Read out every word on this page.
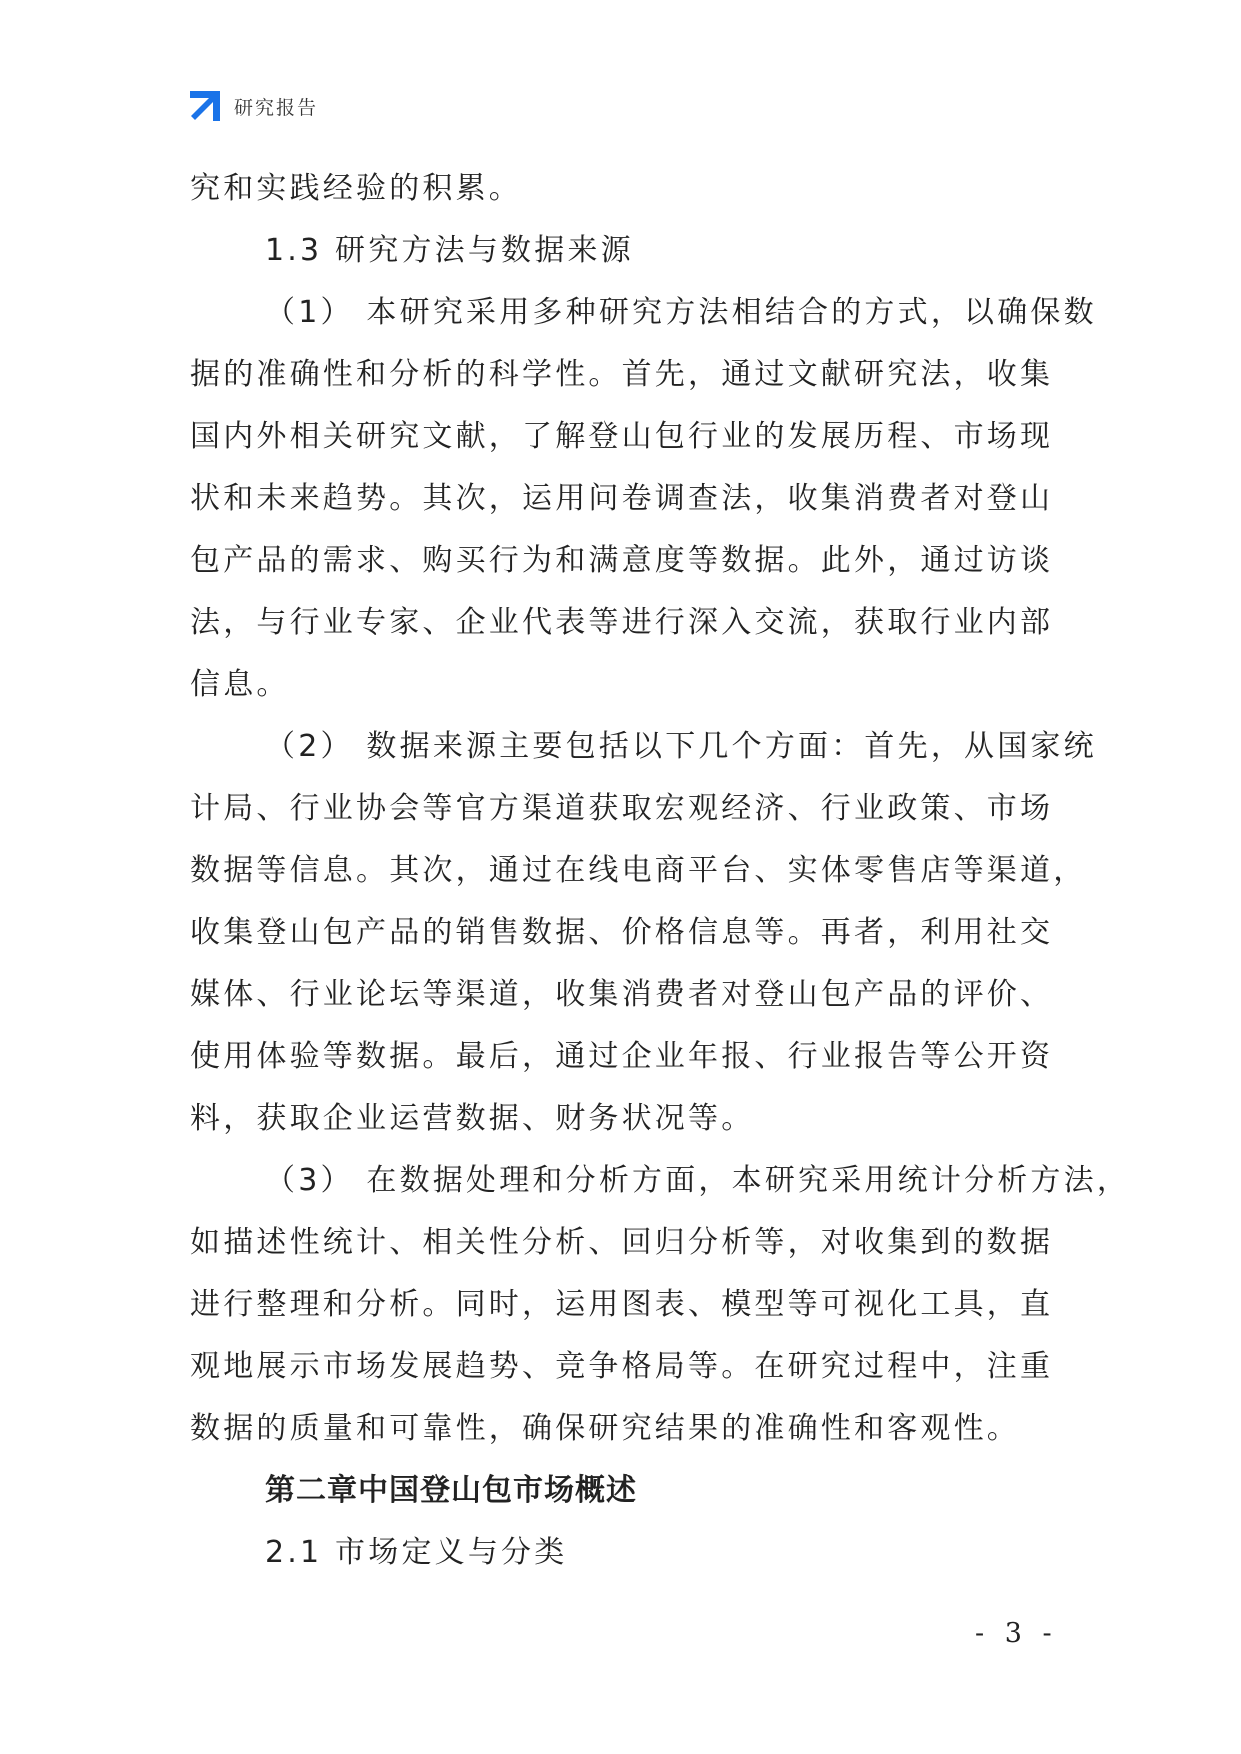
研究报告
究和实践经验的积累。
1.3 研究方法与数据来源
（1） 本研究采用多种研究方法相结合的方式，以确保数
据的准确性和分析的科学性。首先，通过文献研究法，收集
国内外相关研究文献，了解登山包行业的发展历程、市场现
状和未来趋势。其次，运用问卷调查法，收集消费者对登山
包产品的需求、购买行为和满意度等数据。此外，通过访谈
法，与行业专家、企业代表等进行深入交流，获取行业内部
信息。
（2） 数据来源主要包括以下几个方面：首先，从国家统
计局、行业协会等官方渠道获取宏观经济、行业政策、市场
数据等信息。其次，通过在线电商平台、实体零售店等渠道，
收集登山包产品的销售数据、价格信息等。再者，利用社交
媒体、行业论坛等渠道，收集消费者对登山包产品的评价、
使用体验等数据。最后，通过企业年报、行业报告等公开资
料，获取企业运营数据、财务状况等。
（3） 在数据处理和分析方面，本研究采用统计分析方法，
如描述性统计、相关性分析、回归分析等，对收集到的数据
进行整理和分析。同时，运用图表、模型等可视化工具，直
观地展示市场发展趋势、竞争格局等。在研究过程中，注重
数据的质量和可靠性，确保研究结果的准确性和客观性。
第二章中国登山包市场概述
2.1 市场定义与分类
- 3 -
